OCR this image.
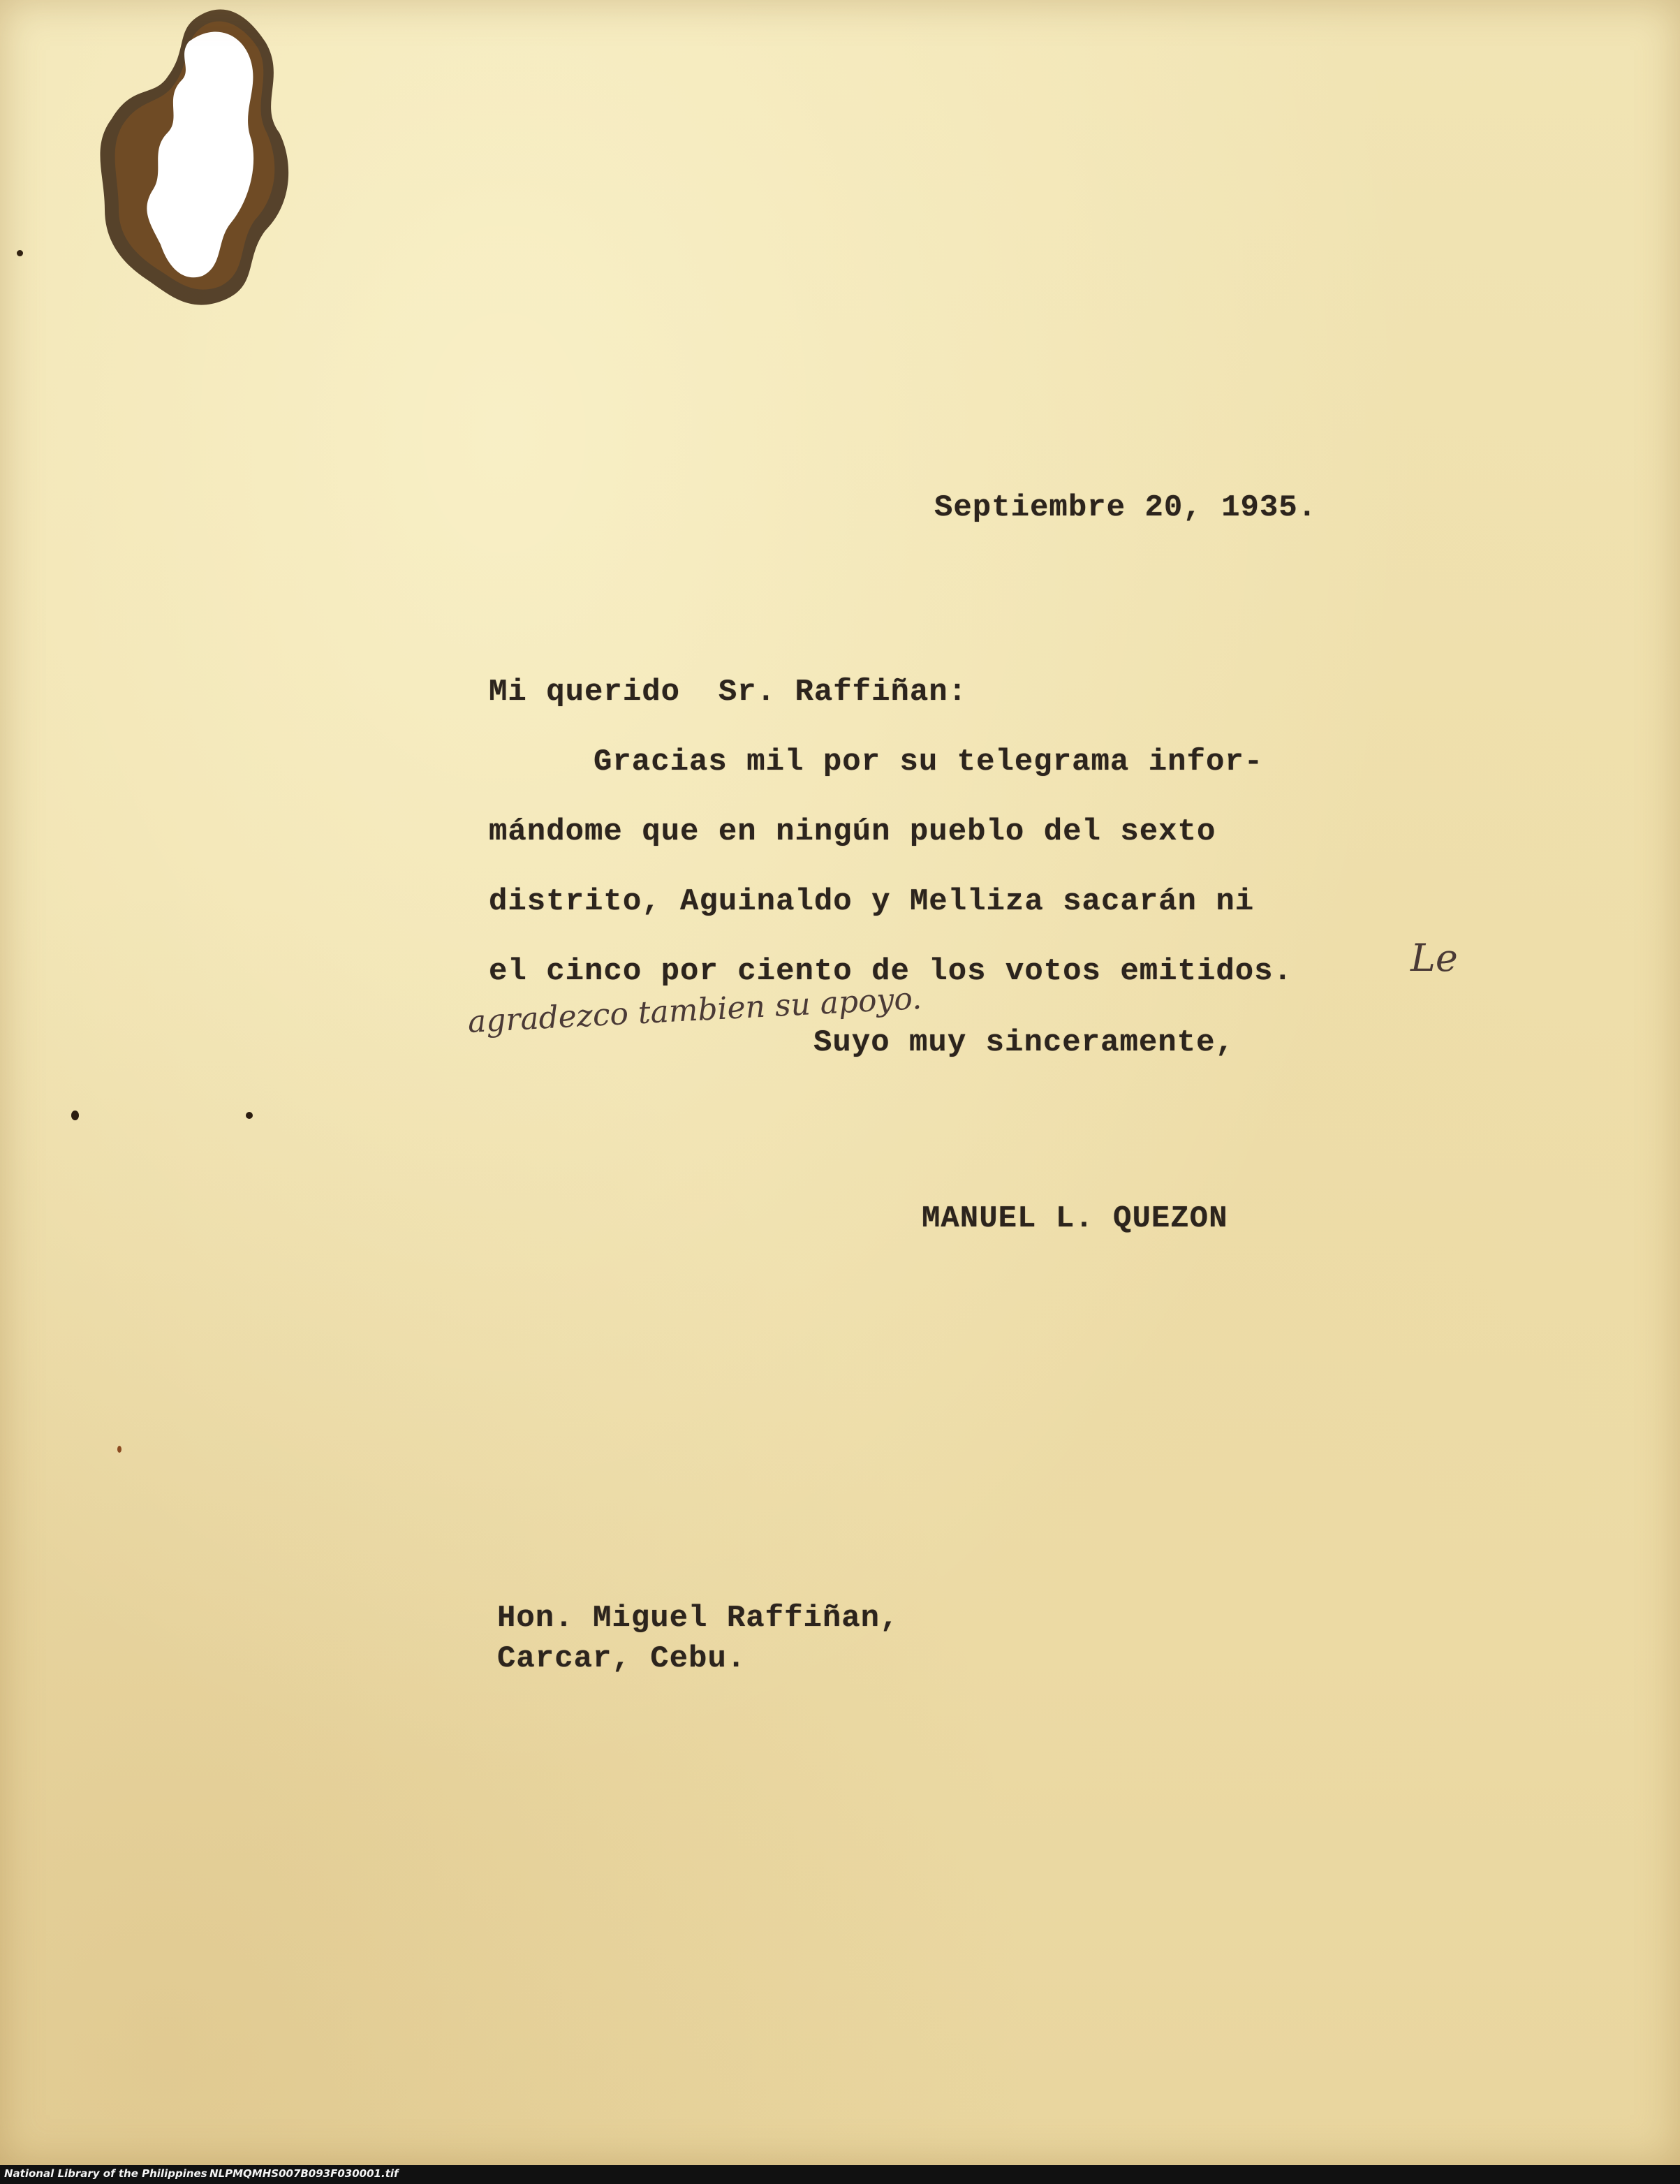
Septiembre 20, 1935.
Mi querido  Sr. Raffiñan:
Gracias mil por su telegrama infor-
mándome que en ningún pueblo del sexto
distrito, Aguinaldo y Melliza sacarán ni
el cinco por ciento de los votos emitidos.	Le
agradezco tambien su apoyo.
Suyo muy sinceramente,
MANUEL L. QUEZON
Hon. Miguel Raffiñan,
Carcar, Cebu.
National Library of the Philippines NLPMQMHS007B093F030001.tif
